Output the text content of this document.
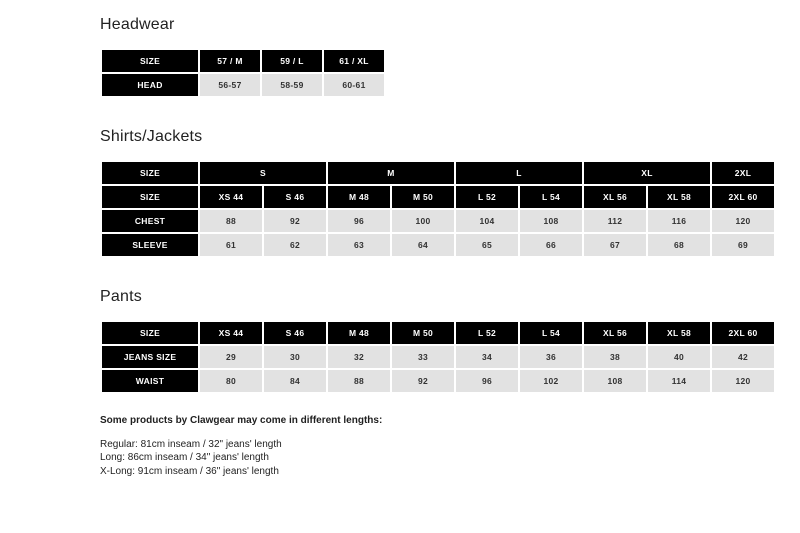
Headwear
SIZE	57 / M	59 / L	61 / XL
HEAD	56-57	58-59	60-61
Shirts/Jackets
SIZE	S		M		L		XL		2XL
SIZE	XS 44	S 46	M 48	M 50	L 52	L 54	XL 56	XL 58	2XL 60
CHEST	88	92	96	100	104	108	112	116	120
SLEEVE	61	62	63	64	65	66	67	68	69
Pants
SIZE	XS 44	S 46	M 48	M 50	L 52	L 54	XL 56	XL 58	2XL 60
JEANS SIZE	29	30	32	33	34	36	38	40	42
WAIST	80	84	88	92	96	102	108	114	120
Some products by Clawgear may come in different lengths:
Regular: 81cm inseam / 32" jeans' length
Long: 86cm inseam / 34" jeans' length
X-Long: 91cm inseam / 36" jeans' length
